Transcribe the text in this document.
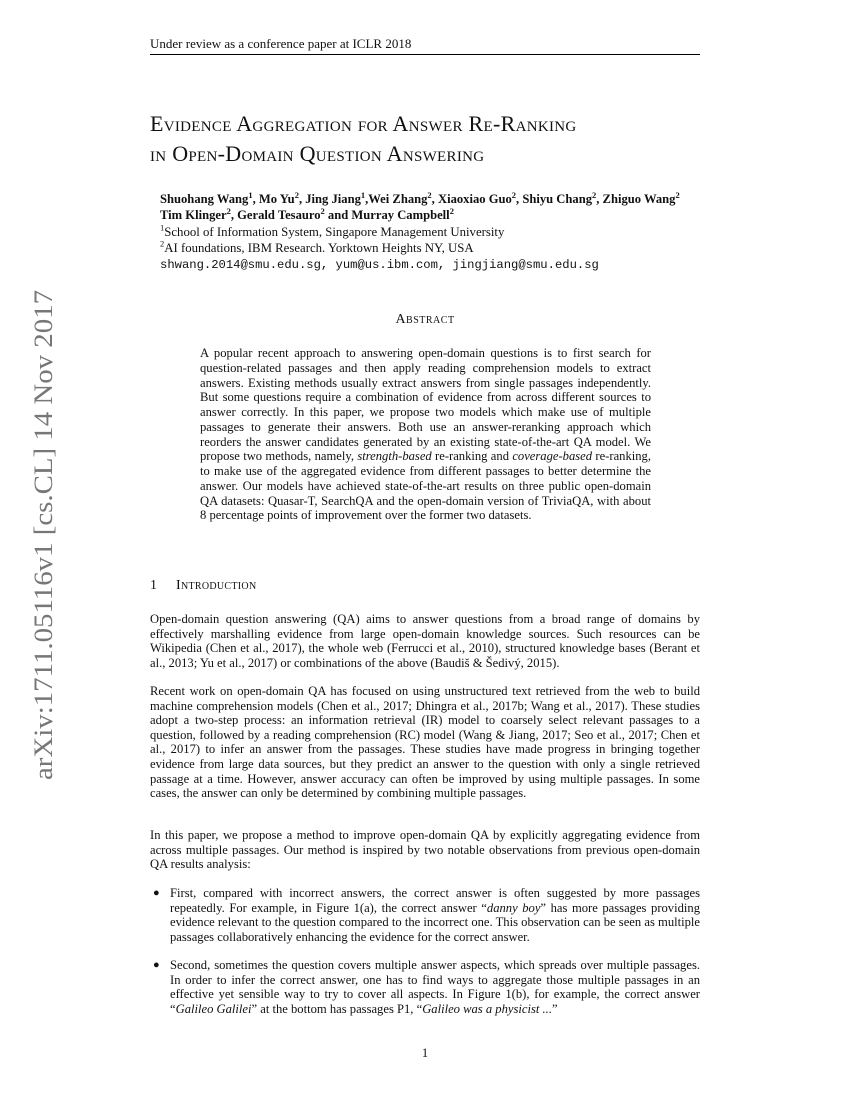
Under review as a conference paper at ICLR 2018
Evidence Aggregation for Answer Re-Ranking
in Open-Domain Question Answering
Shuohang Wang$^1$, Mo Yu$^2$, Jing Jiang$^1$,Wei Zhang$^2$, Xiaoxiao Guo$^2$, Shiyu Chang$^2$, Zhiguo Wang$^2$
Tim Klinger$^2$, Gerald Tesauro$^2$ and Murray Campbell$^2$
$^1$School of Information System, Singapore Management University
$^2$AI foundations, IBM Research. Yorktown Heights NY, USA
shwang.2014@smu.edu.sg, yum@us.ibm.com, jingjiang@smu.edu.sg
Abstract
A popular recent approach to answering open-domain questions is to first search for question-related passages and then apply reading comprehension models to extract answers. Existing methods usually extract answers from single passages independently. But some questions require a combination of evidence from across different sources to answer correctly. In this paper, we propose two models which make use of multiple passages to generate their answers. Both use an answer-reranking approach which reorders the answer candidates generated by an existing state-of-the-art QA model. We propose two methods, namely, strength-based re-ranking and coverage-based re-ranking, to make use of the aggregated evidence from different passages to better determine the answer. Our models have achieved state-of-the-art results on three public open-domain QA datasets: Quasar-T, SearchQA and the open-domain version of TriviaQA, with about 8 percentage points of improvement over the former two datasets.
1 Introduction
Open-domain question answering (QA) aims to answer questions from a broad range of domains by effectively marshalling evidence from large open-domain knowledge sources. Such resources can be Wikipedia (Chen et al., 2017), the whole web (Ferrucci et al., 2010), structured knowledge bases (Berant et al., 2013; Yu et al., 2017) or combinations of the above (Baudiš & Šedivý, 2015).
Recent work on open-domain QA has focused on using unstructured text retrieved from the web to build machine comprehension models (Chen et al., 2017; Dhingra et al., 2017b; Wang et al., 2017). These studies adopt a two-step process: an information retrieval (IR) model to coarsely select relevant passages to a question, followed by a reading comprehension (RC) model (Wang & Jiang, 2017; Seo et al., 2017; Chen et al., 2017) to infer an answer from the passages. These studies have made progress in bringing together evidence from large data sources, but they predict an answer to the question with only a single retrieved passage at a time. However, answer accuracy can often be improved by using multiple passages. In some cases, the answer can only be determined by combining multiple passages.
In this paper, we propose a method to improve open-domain QA by explicitly aggregating evidence from across multiple passages. Our method is inspired by two notable observations from previous open-domain QA results analysis:
● First, compared with incorrect answers, the correct answer is often suggested by more passages repeatedly. For example, in Figure 1(a), the correct answer “danny boy” has more passages providing evidence relevant to the question compared to the incorrect one. This observation can be seen as multiple passages collaboratively enhancing the evidence for the correct answer.
● Second, sometimes the question covers multiple answer aspects, which spreads over multiple passages. In order to infer the correct answer, one has to find ways to aggregate those multiple passages in an effective yet sensible way to try to cover all aspects. In Figure 1(b), for example, the correct answer “Galileo Galilei” at the bottom has passages P1, “Galileo was a physicist ...”
1
arXiv:1711.05116v1 [cs.CL] 14 Nov 2017
